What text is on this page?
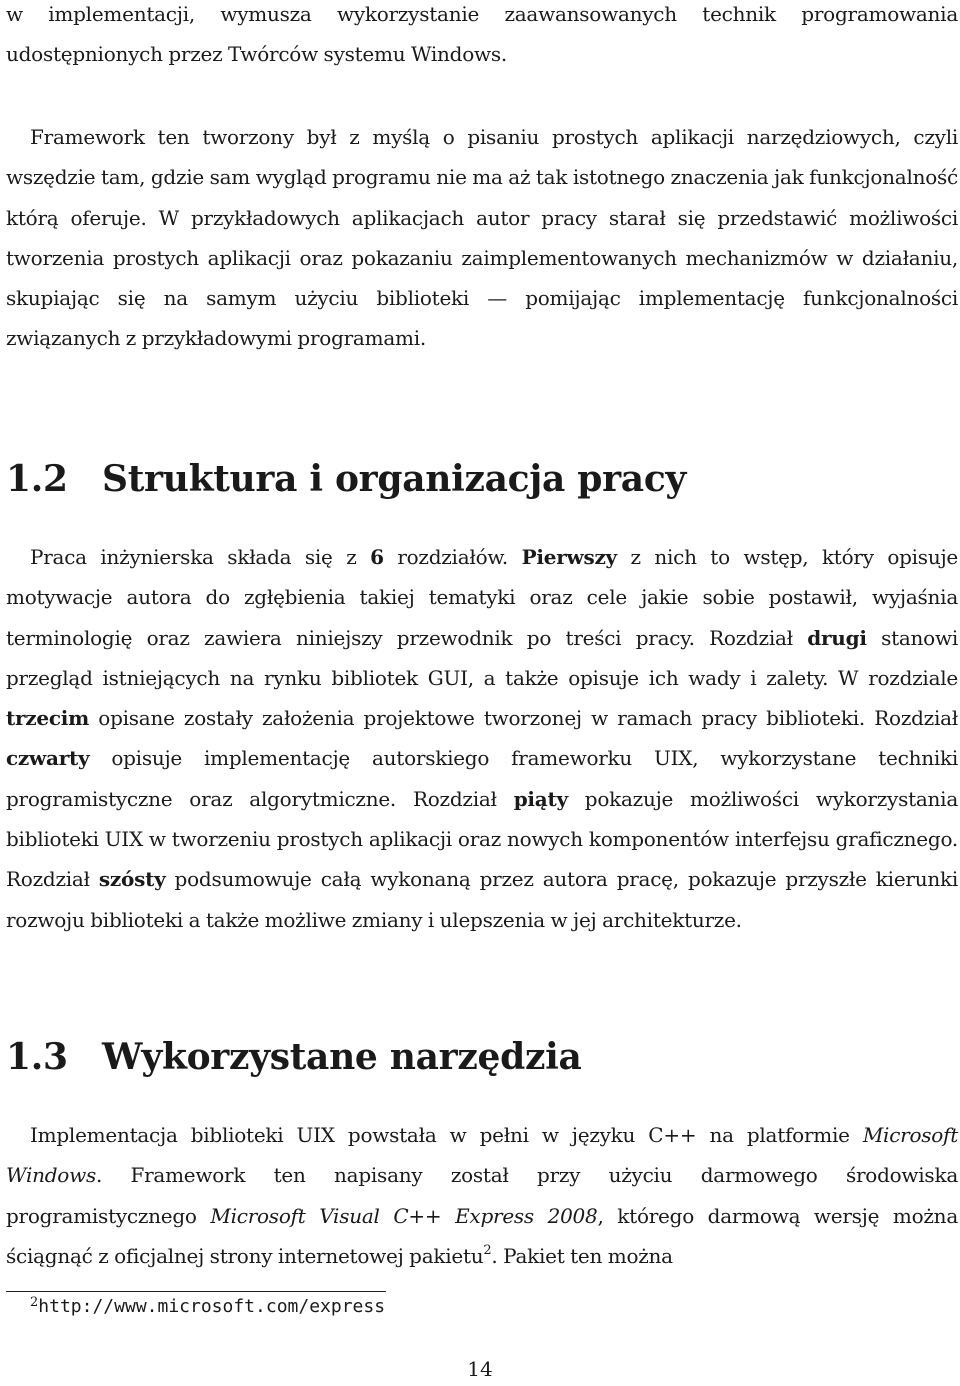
w implementacji, wymusza wykorzystanie zaawansowanych technik programowania udostępnionych przez Twórców systemu Windows.

Framework ten tworzony był z myślą o pisaniu prostych aplikacji narzędziowych, czyli wszędzie tam, gdzie sam wygląd programu nie ma aż tak istotnego znaczenia jak funkcjonalność którą oferuje. W przykładowych aplikacjach autor pracy starał się przedstawić możliwości tworzenia prostych aplikacji oraz pokazaniu zaimplementowanych mechanizmów w działaniu, skupiając się na samym użyciu biblioteki — pomijając implementację funkcjonalności związanych z przykładowymi programami.

1.2 Struktura i organizacja pracy

Praca inżynierska składa się z 6 rozdziałów. Pierwszy z nich to wstęp, który opisuje motywacje autora do zgłębienia takiej tematyki oraz cele jakie sobie postawił, wyjaśnia terminologię oraz zawiera niniejszy przewodnik po treści pracy. Rozdział drugi stanowi przegląd istniejących na rynku bibliotek GUI, a także opisuje ich wady i zalety. W rozdziale trzecim opisane zostały założenia projektowe tworzonej w ramach pracy biblioteki. Rozdział czwarty opisuje implementację autorskiego frameworku UIX, wykorzystane techniki programistyczne oraz algorytmiczne. Rozdział piąty pokazuje możliwości wykorzystania biblioteki UIX w tworzeniu prostych aplikacji oraz nowych komponentów interfejsu graficznego. Rozdział szósty podsumowuje całą wykonaną przez autora pracę, pokazuje przyszłe kierunki rozwoju biblioteki a także możliwe zmiany i ulepszenia w jej architekturze.

1.3 Wykorzystane narzędzia

Implementacja biblioteki UIX powstała w pełni w języku C++ na platformie Microsoft Windows. Framework ten napisany został przy użyciu darmowego środowiska programistycznego Microsoft Visual C++ Express 2008, którego darmową wersję można ściągnąć z oficjalnej strony internetowej pakietu$^2$. Pakiet ten można

$^2$http://www.microsoft.com/express
14
